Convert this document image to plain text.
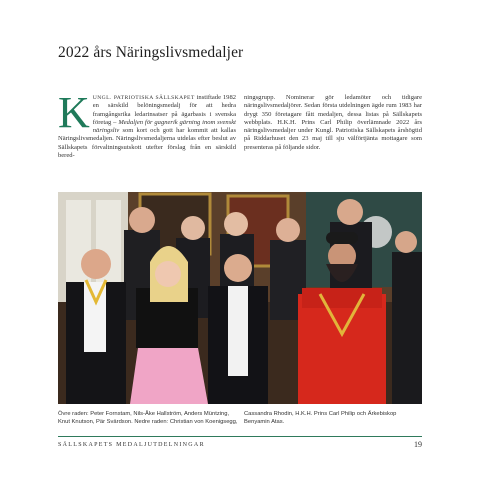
2022 års Näringslivsmedaljer
KUNGL. PATRIOTISKA SÄLLSKAPET instiftade 1982 en särskild belöningsmedalj för att hedra framgångsrika ledarinsatser på ägarbasis i svenska företag – Medaljen för gagnerik gärning inom svenskt näringsliv som kort och gott har kommit att kallas Näringslivsmedaljen. Näringslivsmedaljerna utdelas efter beslut av Sällskapets förvaltningsutskott utefter förslag från en särskild bered-
ningsgrupp. Nominerar gör ledamöter och tidigare näringslivsmedaljörer. Sedan första utdelningen ägde rum 1983 har drygt 350 företagare fått medaljen, dessa listas på Sällskapets webbplats. H.K.H. Prins Carl Philip överlämnade 2022 års näringslivsmedaljer under Kungl. Patriotiska Sällskapets årshögtid på Riddarhuset den 23 maj till sju välförtjänta mottagare som presenteras på följande sidor.
Övre raden: Peter Fornstam, Nils-Åke Hallström, Anders Müntzing, Knut Knutson, Pär Svärdson. Nedre raden: Christian von Koenigsegg,
Cassandra Rhodin, H.K.H. Prins Carl Philip och Ärkebiskop Benyamin Atas.
SÄLLSKAPETS MEDALJUTDELNINGAR	19
